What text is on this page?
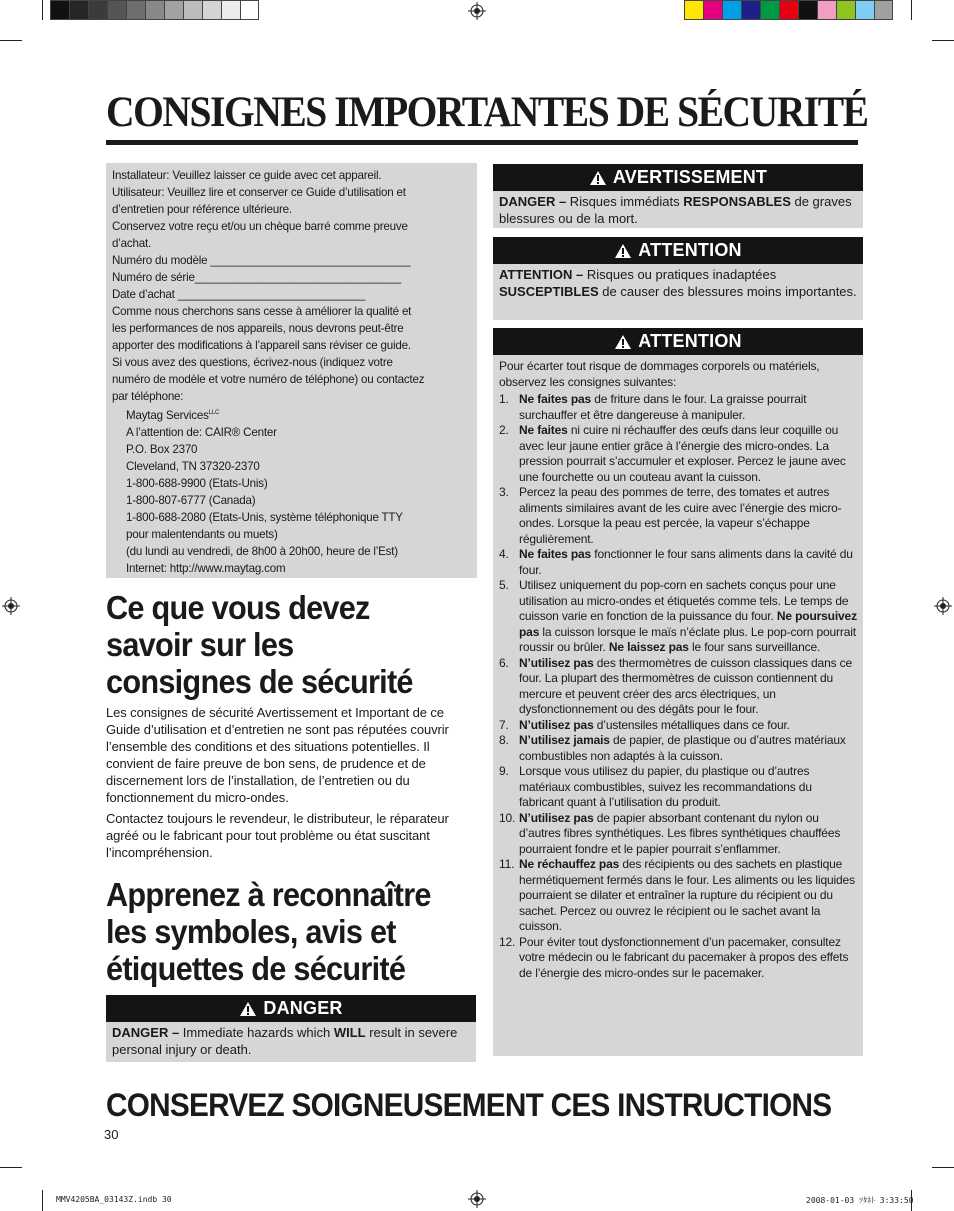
MMV4205BA_03143Z.indb 30	2008-01-03 ｿﾀﾈﾄ 3:33:50
CONSIGNES IMPORTANTES DE SÉCURITÉ
Installateur: Veuillez laisser ce guide avec cet appareil.
Utilisateur: Veuillez lire et conserver ce Guide d’utilisation et
d’entretien pour référence ultérieure.
Conservez votre reçu et/ou un chèque barré comme preuve
d’achat.
Numéro du modèle ________________________________
Numéro de série_________________________________
Date d’achat ______________________________
Comme nous cherchons sans cesse à améliorer la qualité et
les performances de nos appareils, nous devrons peut-être
apporter des modifications à l’appareil sans réviser ce guide.
Si vous avez des questions, écrivez-nous (indiquez votre
numéro de modèle et votre numéro de téléphone) ou contactez
par téléphone:
Maytag Services$^{LLC}$
A l’attention de: CAIR® Center
P.O. Box 2370
Cleveland, TN 37320-2370
1-800-688-9900 (Etats-Unis)
1-800-807-6777 (Canada)
1-800-688-2080 (Etats-Unis, système téléphonique TTY
pour malentendants ou muets)
(du lundi au vendredi, de 8h00 à 20h00, heure de l’Est)
Internet: http://www.maytag.com
Ce que vous devez
savoir sur les
consignes de sécurité
Les consignes de sécurité Avertissement et Important de ce Guide d’utilisation et d’entretien ne sont pas réputées couvrir l’ensemble des conditions et des situations potentielles. Il convient de faire preuve de bon sens, de prudence et de discernement lors de l’installation, de l’entretien ou du fonctionnement du micro-ondes.
Contactez toujours le revendeur, le distributeur, le réparateur agréé ou le fabricant pour tout problème ou état suscitant l’incompréhension.
Apprenez à reconnaître
les symboles, avis et
étiquettes de sécurité
DANGER
DANGER – Immediate hazards which WILL result in severe personal injury or death.
AVERTISSEMENT
DANGER – Risques immédiats RESPONSABLES de graves blessures ou de la mort.
ATTENTION
ATTENTION – Risques ou pratiques inadaptées SUSCEPTIBLES de causer des blessures moins importantes.
ATTENTION
Pour écarter tout risque de dommages corporels ou matériels, observez les consignes suivantes:
1. Ne faites pas de friture dans le four. La graisse pourrait surchauffer et être dangereuse à manipuler.
2. Ne faites ni cuire ni réchauffer des œufs dans leur coquille ou avec leur jaune entier grâce à l’énergie des micro-ondes. La pression pourrait s’accumuler et exploser. Percez le jaune avec une fourchette ou un couteau avant la cuisson.
3. Percez la peau des pommes de terre, des tomates et autres aliments similaires avant de les cuire avec l’énergie des micro-ondes. Lorsque la peau est percée, la vapeur s’échappe régulièrement.
4. Ne faites pas fonctionner le four sans aliments dans la cavité du four.
5. Utilisez uniquement du pop-corn en sachets conçus pour une utilisation au micro-ondes et étiquetés comme tels. Le temps de cuisson varie en fonction de la puissance du four. Ne poursuivez pas la cuisson lorsque le maïs n’éclate plus. Le pop-corn pourrait roussir ou brûler. Ne laissez pas le four sans surveillance.
6. N’utilisez pas des thermomètres de cuisson classiques dans ce four. La plupart des thermomètres de cuisson contiennent du mercure et peuvent créer des arcs électriques, un dysfonctionnement ou des dégâts pour le four.
7. N’utilisez pas d’ustensiles métalliques dans ce four.
8. N’utilisez jamais de papier, de plastique ou d’autres matériaux combustibles non adaptés à la cuisson.
9. Lorsque vous utilisez du papier, du plastique ou d’autres matériaux combustibles, suivez les recommandations du fabricant quant à l’utilisation du produit.
10. N’utilisez pas de papier absorbant contenant du nylon ou d’autres fibres synthétiques. Les fibres synthétiques chauffées pourraient fondre et le papier pourrait s’enflammer.
11. Ne réchauffez pas des récipients ou des sachets en plastique hermétiquement fermés dans le four. Les aliments ou les liquides pourraient se dilater et entraîner la rupture du récipient ou du sachet. Percez ou ouvrez le récipient ou le sachet avant la cuisson.
12. Pour éviter tout dysfonctionnement d’un pacemaker, consultez votre médecin ou le fabricant du pacemaker à propos des effets de l’énergie des micro-ondes sur le pacemaker.
CONSERVEZ SOIGNEUSEMENT CES INSTRUCTIONS
30
